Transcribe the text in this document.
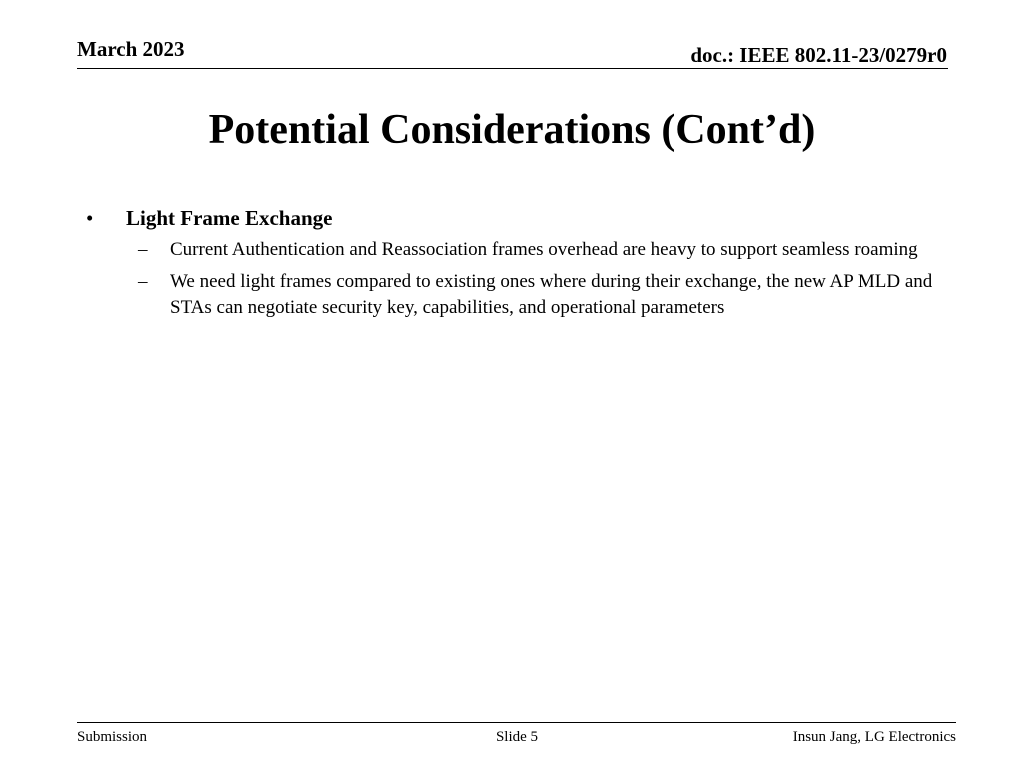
March 2023	doc.: IEEE 802.11-23/0279r0
Potential Considerations (Cont’d)
•	Light Frame Exchange
–	Current Authentication and Reassociation frames overhead are heavy to support seamless roaming
–	We need light frames compared to existing ones where during their exchange, the new AP MLD and STAs can negotiate security key, capabilities, and operational parameters
Submission	Slide 5	Insun Jang, LG Electronics
